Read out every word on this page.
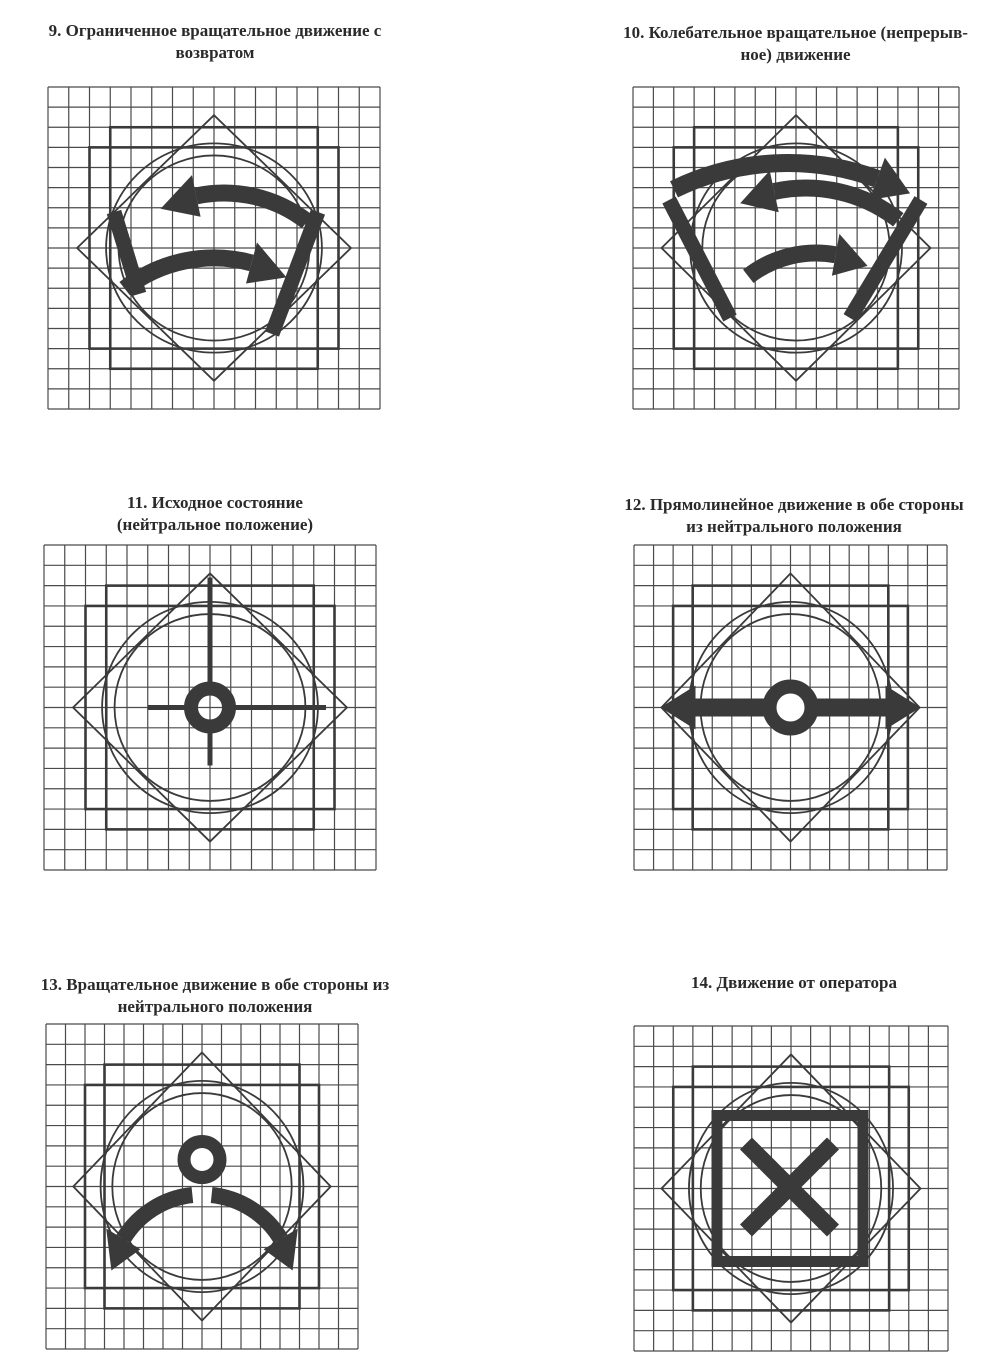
9. Ограниченное вращательное движение с
возвратом
10. Колебательное вращательное (непрерыв-
ное) движение
11. Исходное состояние
(нейтральное положение)
12. Прямолинейное движение в обе стороны
из нейтрального положения
13. Вращательное движение в обе стороны из
нейтрального положения
14. Движение от оператора
